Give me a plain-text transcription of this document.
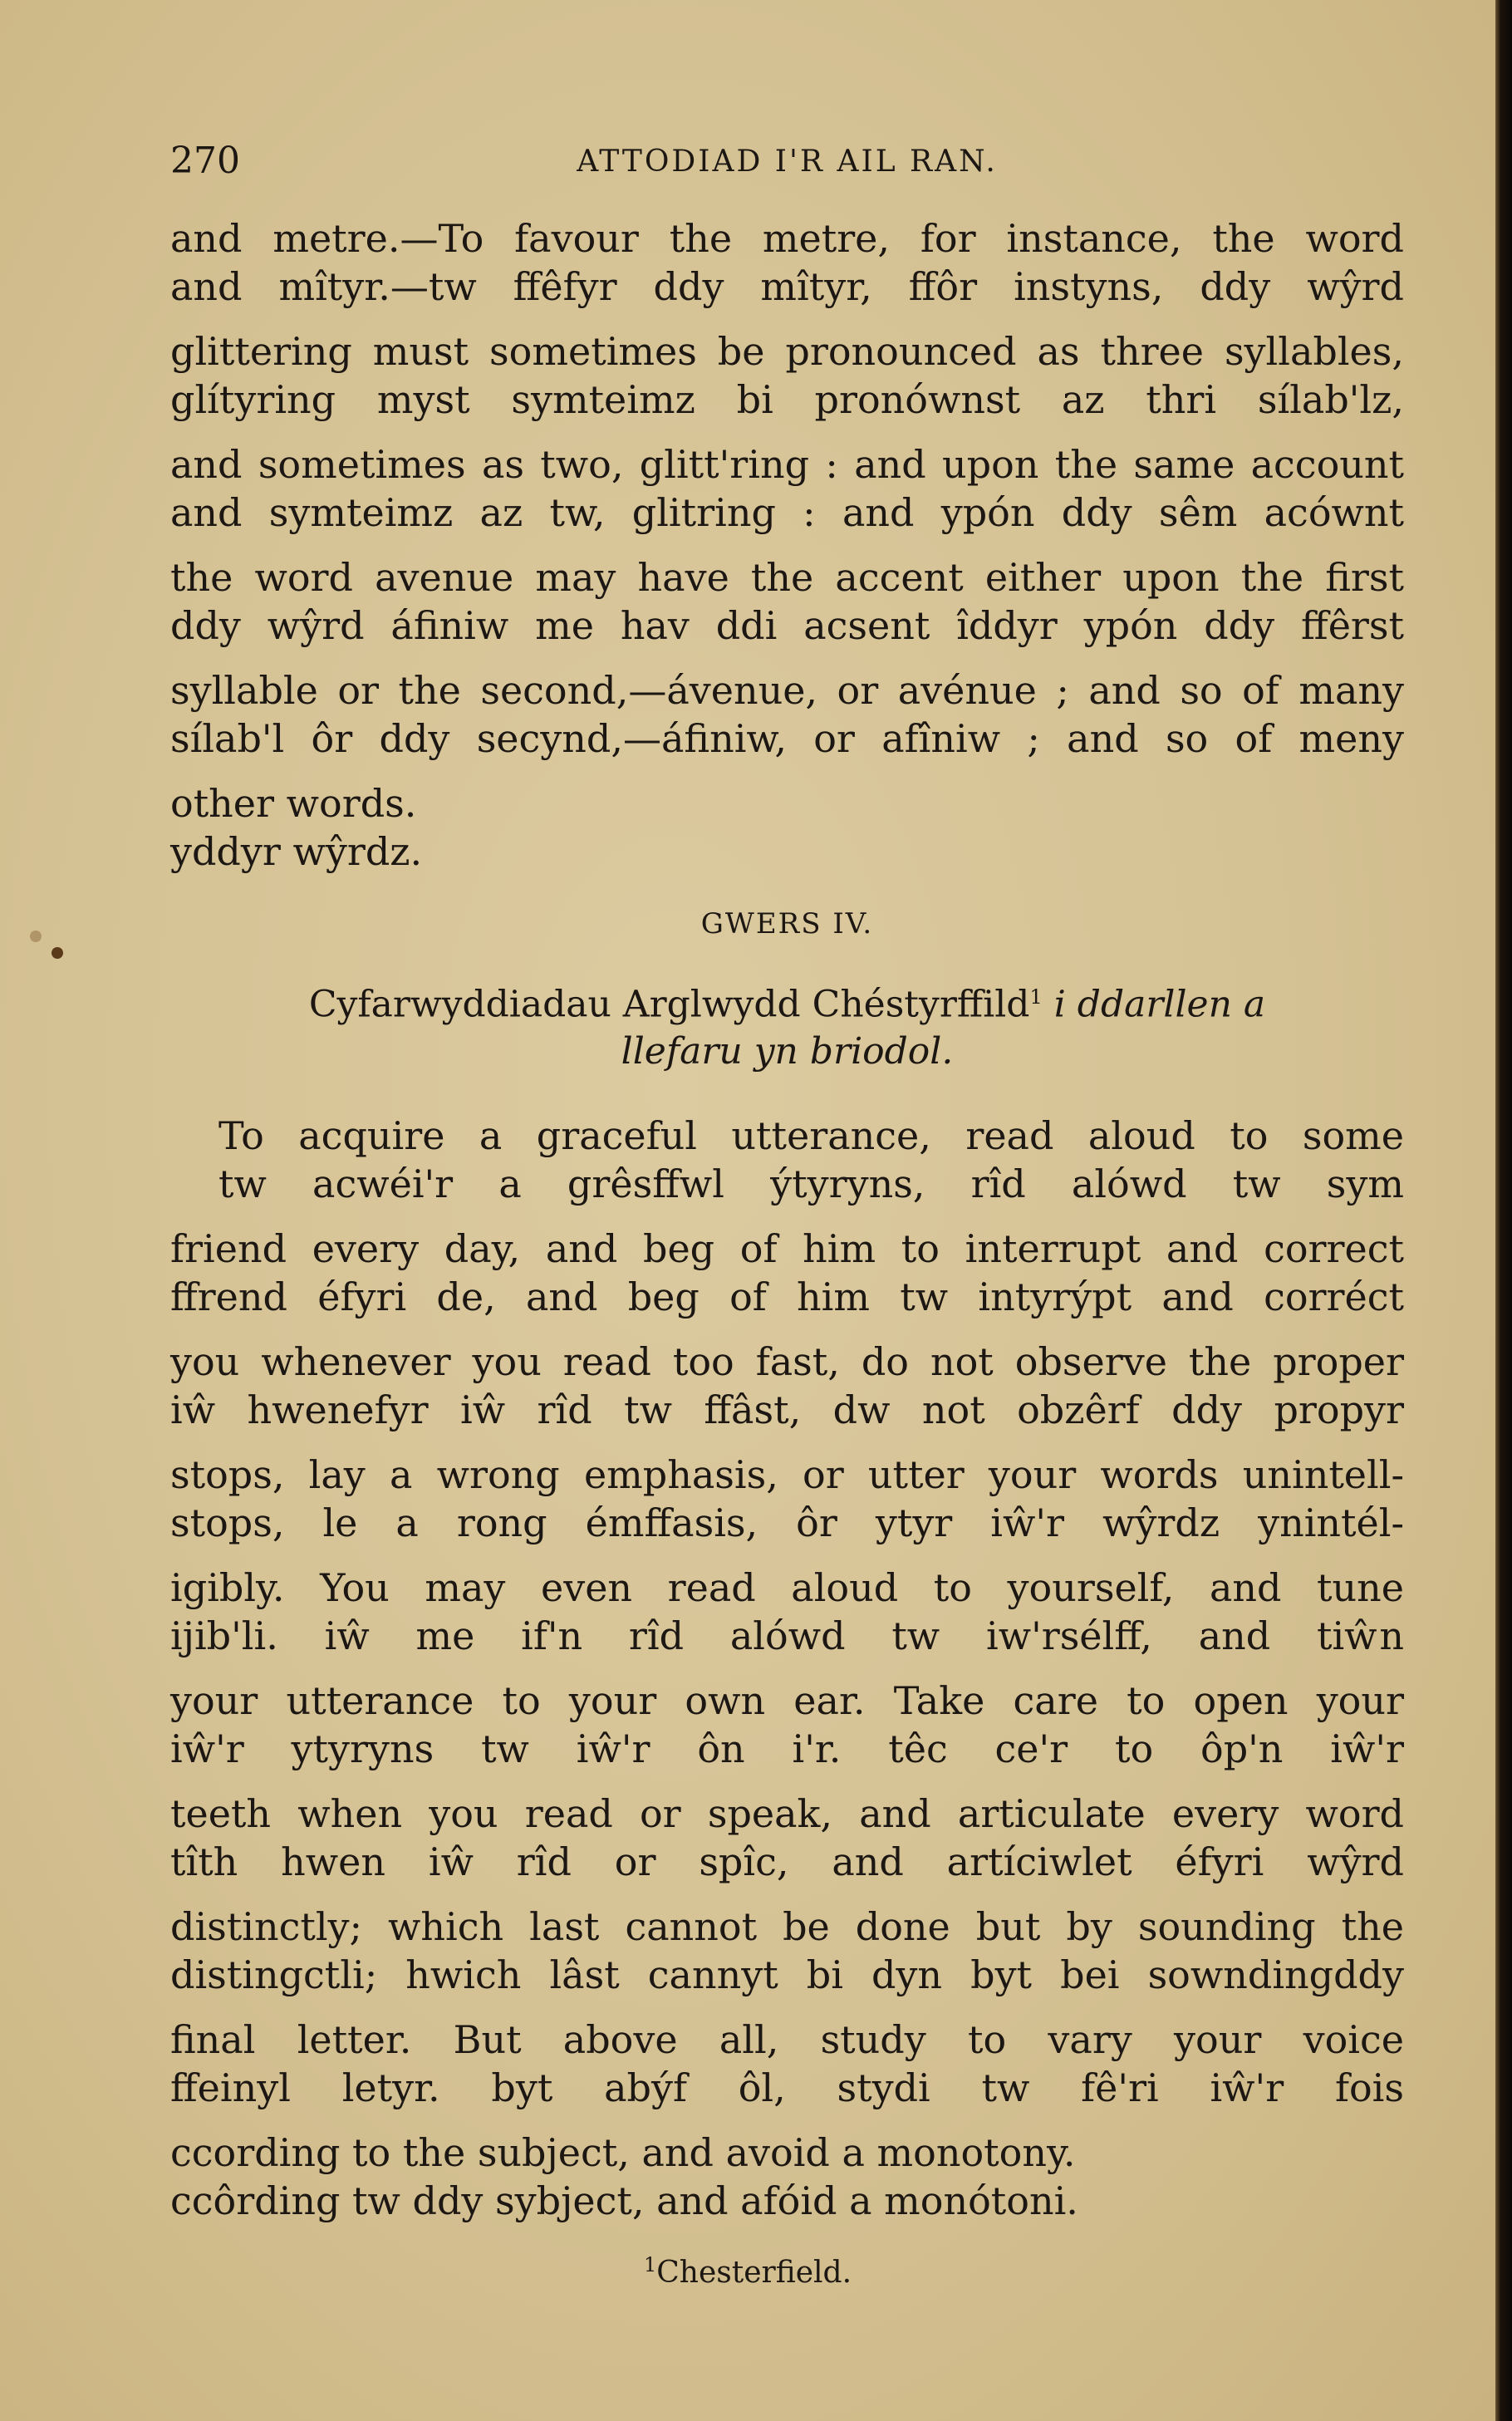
270	ATTODIAD I'R AIL RAN.
and metre.—To favour the metre, for instance, the word
and mîtyr.—tw ffêfyr ddy mîtyr, ffôr instyns, ddy wŷrd
glittering must sometimes be pronounced as three syllables,
glítyring myst symteimz bi pronównst az thri sílab'lz,
and sometimes as two, glitt'ring : and upon the same account
and symteimz az tw, glitring : and ypón ddy sêm acównt
the word avenue may have the accent either upon the first
ddy wŷrd áfiniw me hav ddi acsent îddyr ypón ddy ffêrst
syllable or the second,—ávenue, or avénue ; and so of many
sílab'l ôr ddy secynd,—áfiniw, or afîniw ; and so of meny
other words.
yddyr wŷrdz.
GWERS IV.
Cyfarwyddiadau Arglwydd Chéstyrffild$^1$ i ddarllen a
llefaru yn briodol.
To acquire a graceful utterance, read aloud to some
tw acwéi'r a grêsffwl ýtyryns, rîd alówd tw sym
friend every day, and beg of him to interrupt and correct
ffrend éfyri de, and beg of him tw intyrýpt and corréct
you whenever you read too fast, do not observe the proper
iŵ hwenefyr iŵ rîd tw ffâst, dw not obzêrf ddy propyr
stops, lay a wrong emphasis, or utter your words unintell-
stops, le a rong émffasis, ôr ytyr iŵ'r wŷrdz ynintél-
igibly. You may even read aloud to yourself, and tune
ijib'li. iŵ me if'n rîd alówd tw iw'rsélff, and tiŵn
your utterance to your own ear. Take care to open your
iŵ'r ytyryns tw iŵ'r ôn i'r. têc ce'r to ôp'n iŵ'r
teeth when you read or speak, and articulate every word
tîth hwen iŵ rîd or spîc, and artíciwlet éfyri wŷrd
distinctly; which last cannot be done but by sounding the
distingctli; hwich lâst cannyt bi dyn byt bei sowndingddy
final letter. But above all, study to vary your voice
ffeinyl letyr. byt abýf ôl, stydi tw fê'ri iŵ'r fois
ccording to the subject, and avoid a monotony.
ccôrding tw ddy sybject, and afóid a monótoni.
$^1$Chesterfield.
